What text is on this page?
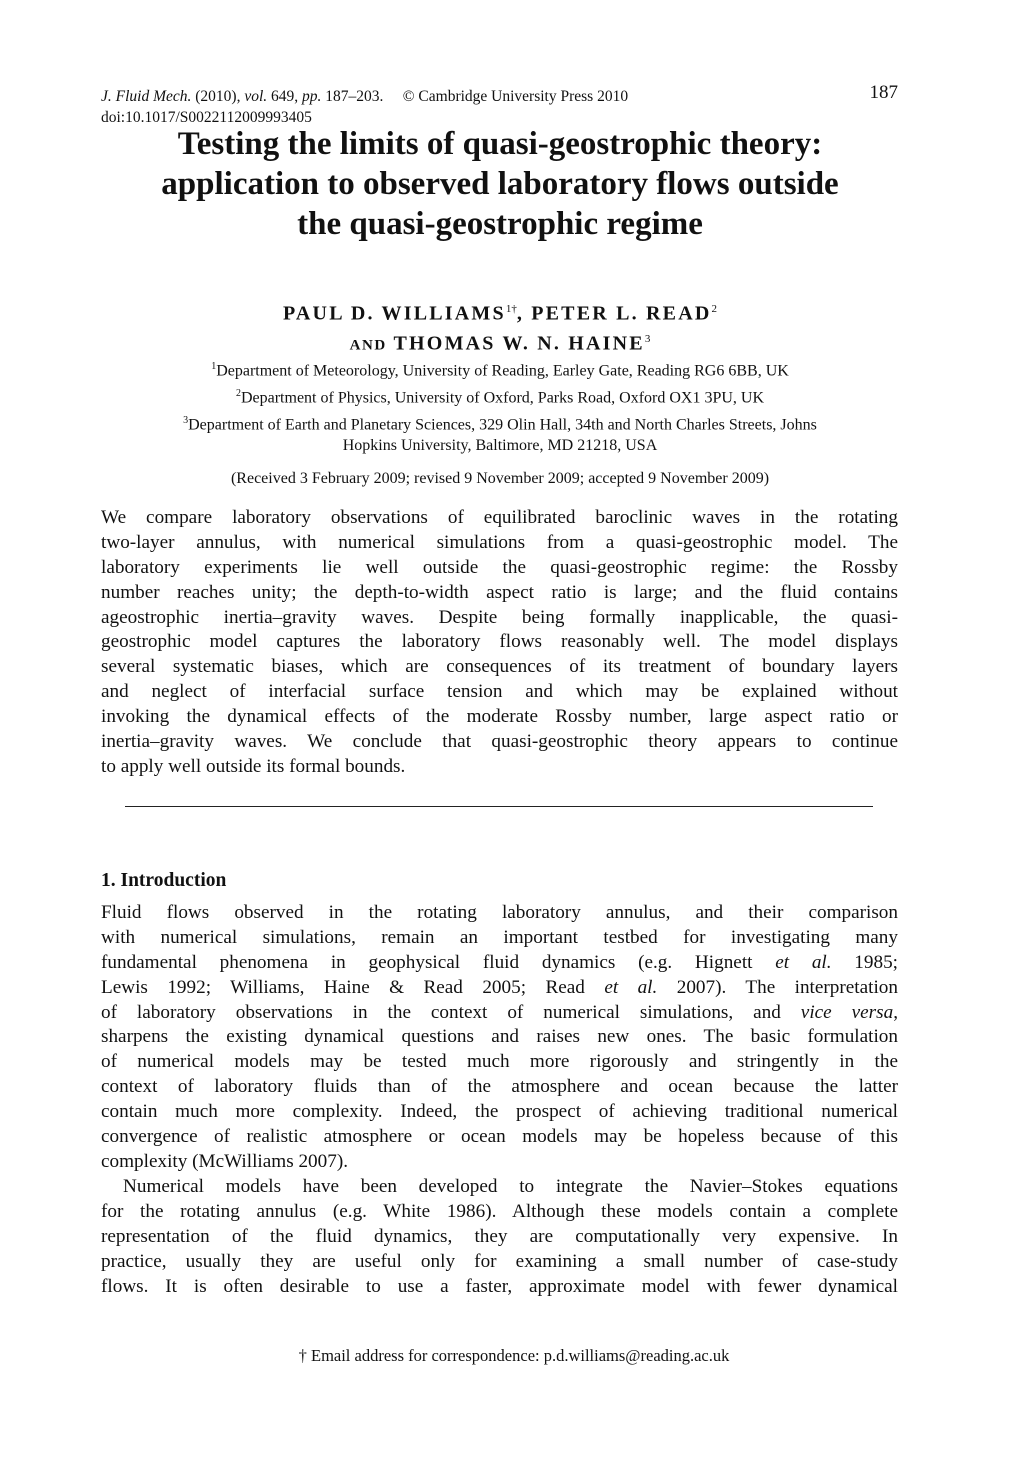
J. Fluid Mech. (2010), vol. 649, pp. 187–203. © Cambridge University Press 2010
doi:10.1017/S0022112009993405
187
Testing the limits of quasi-geostrophic theory:
application to observed laboratory flows outside
the quasi-geostrophic regime
PAUL D. $WILLIAMS^{1\dagger}$, PETER L. READ$^2$
AND THOMAS W. N. HAINE$^3$
$^1$Department of Meteorology, University of Reading, Earley Gate, Reading RG6 6BB, UK
$^2$Department of Physics, University of Oxford, Parks Road, Oxford OX1 3PU, UK
$^3$Department of Earth and Planetary Sciences, 329 Olin Hall, 34th and North Charles Streets, Johns
Hopkins University, Baltimore, MD 21218, USA
(Received 3 February 2009; revised 9 November 2009; accepted 9 November 2009)
We compare laboratory observations of equilibrated baroclinic waves in the rotating
two-layer annulus, with numerical simulations from a quasi-geostrophic model. The
laboratory experiments lie well outside the quasi-geostrophic regime: the Rossby
number reaches unity; the depth-to-width aspect ratio is large; and the fluid contains
ageostrophic inertia–gravity waves. Despite being formally inapplicable, the quasi-
geostrophic model captures the laboratory flows reasonably well. The model displays
several systematic biases, which are consequences of its treatment of boundary layers
and neglect of interfacial surface tension and which may be explained without
invoking the dynamical effects of the moderate Rossby number, large aspect ratio or
inertia–gravity waves. We conclude that quasi-geostrophic theory appears to continue
to apply well outside its formal bounds.
1. Introduction
Fluid flows observed in the rotating laboratory annulus, and their comparison
with numerical simulations, remain an important testbed for investigating many
fundamental phenomena in geophysical fluid dynamics (e.g. Hignett et al. 1985;
Lewis 1992; Williams, Haine & Read 2005; Read et al. 2007). The interpretation
of laboratory observations in the context of numerical simulations, and vice versa,
sharpens the existing dynamical questions and raises new ones. The basic formulation
of numerical models may be tested much more rigorously and stringently in the
context of laboratory fluids than of the atmosphere and ocean because the latter
contain much more complexity. Indeed, the prospect of achieving traditional numerical
convergence of realistic atmosphere or ocean models may be hopeless because of this
complexity (McWilliams 2007).
Numerical models have been developed to integrate the Navier–Stokes equations
for the rotating annulus (e.g. White 1986). Although these models contain a complete
representation of the fluid dynamics, they are computationally very expensive. In
practice, usually they are useful only for examining a small number of case-study
flows. It is often desirable to use a faster, approximate model with fewer dynamical
† Email address for correspondence: p.d.williams@reading.ac.uk
